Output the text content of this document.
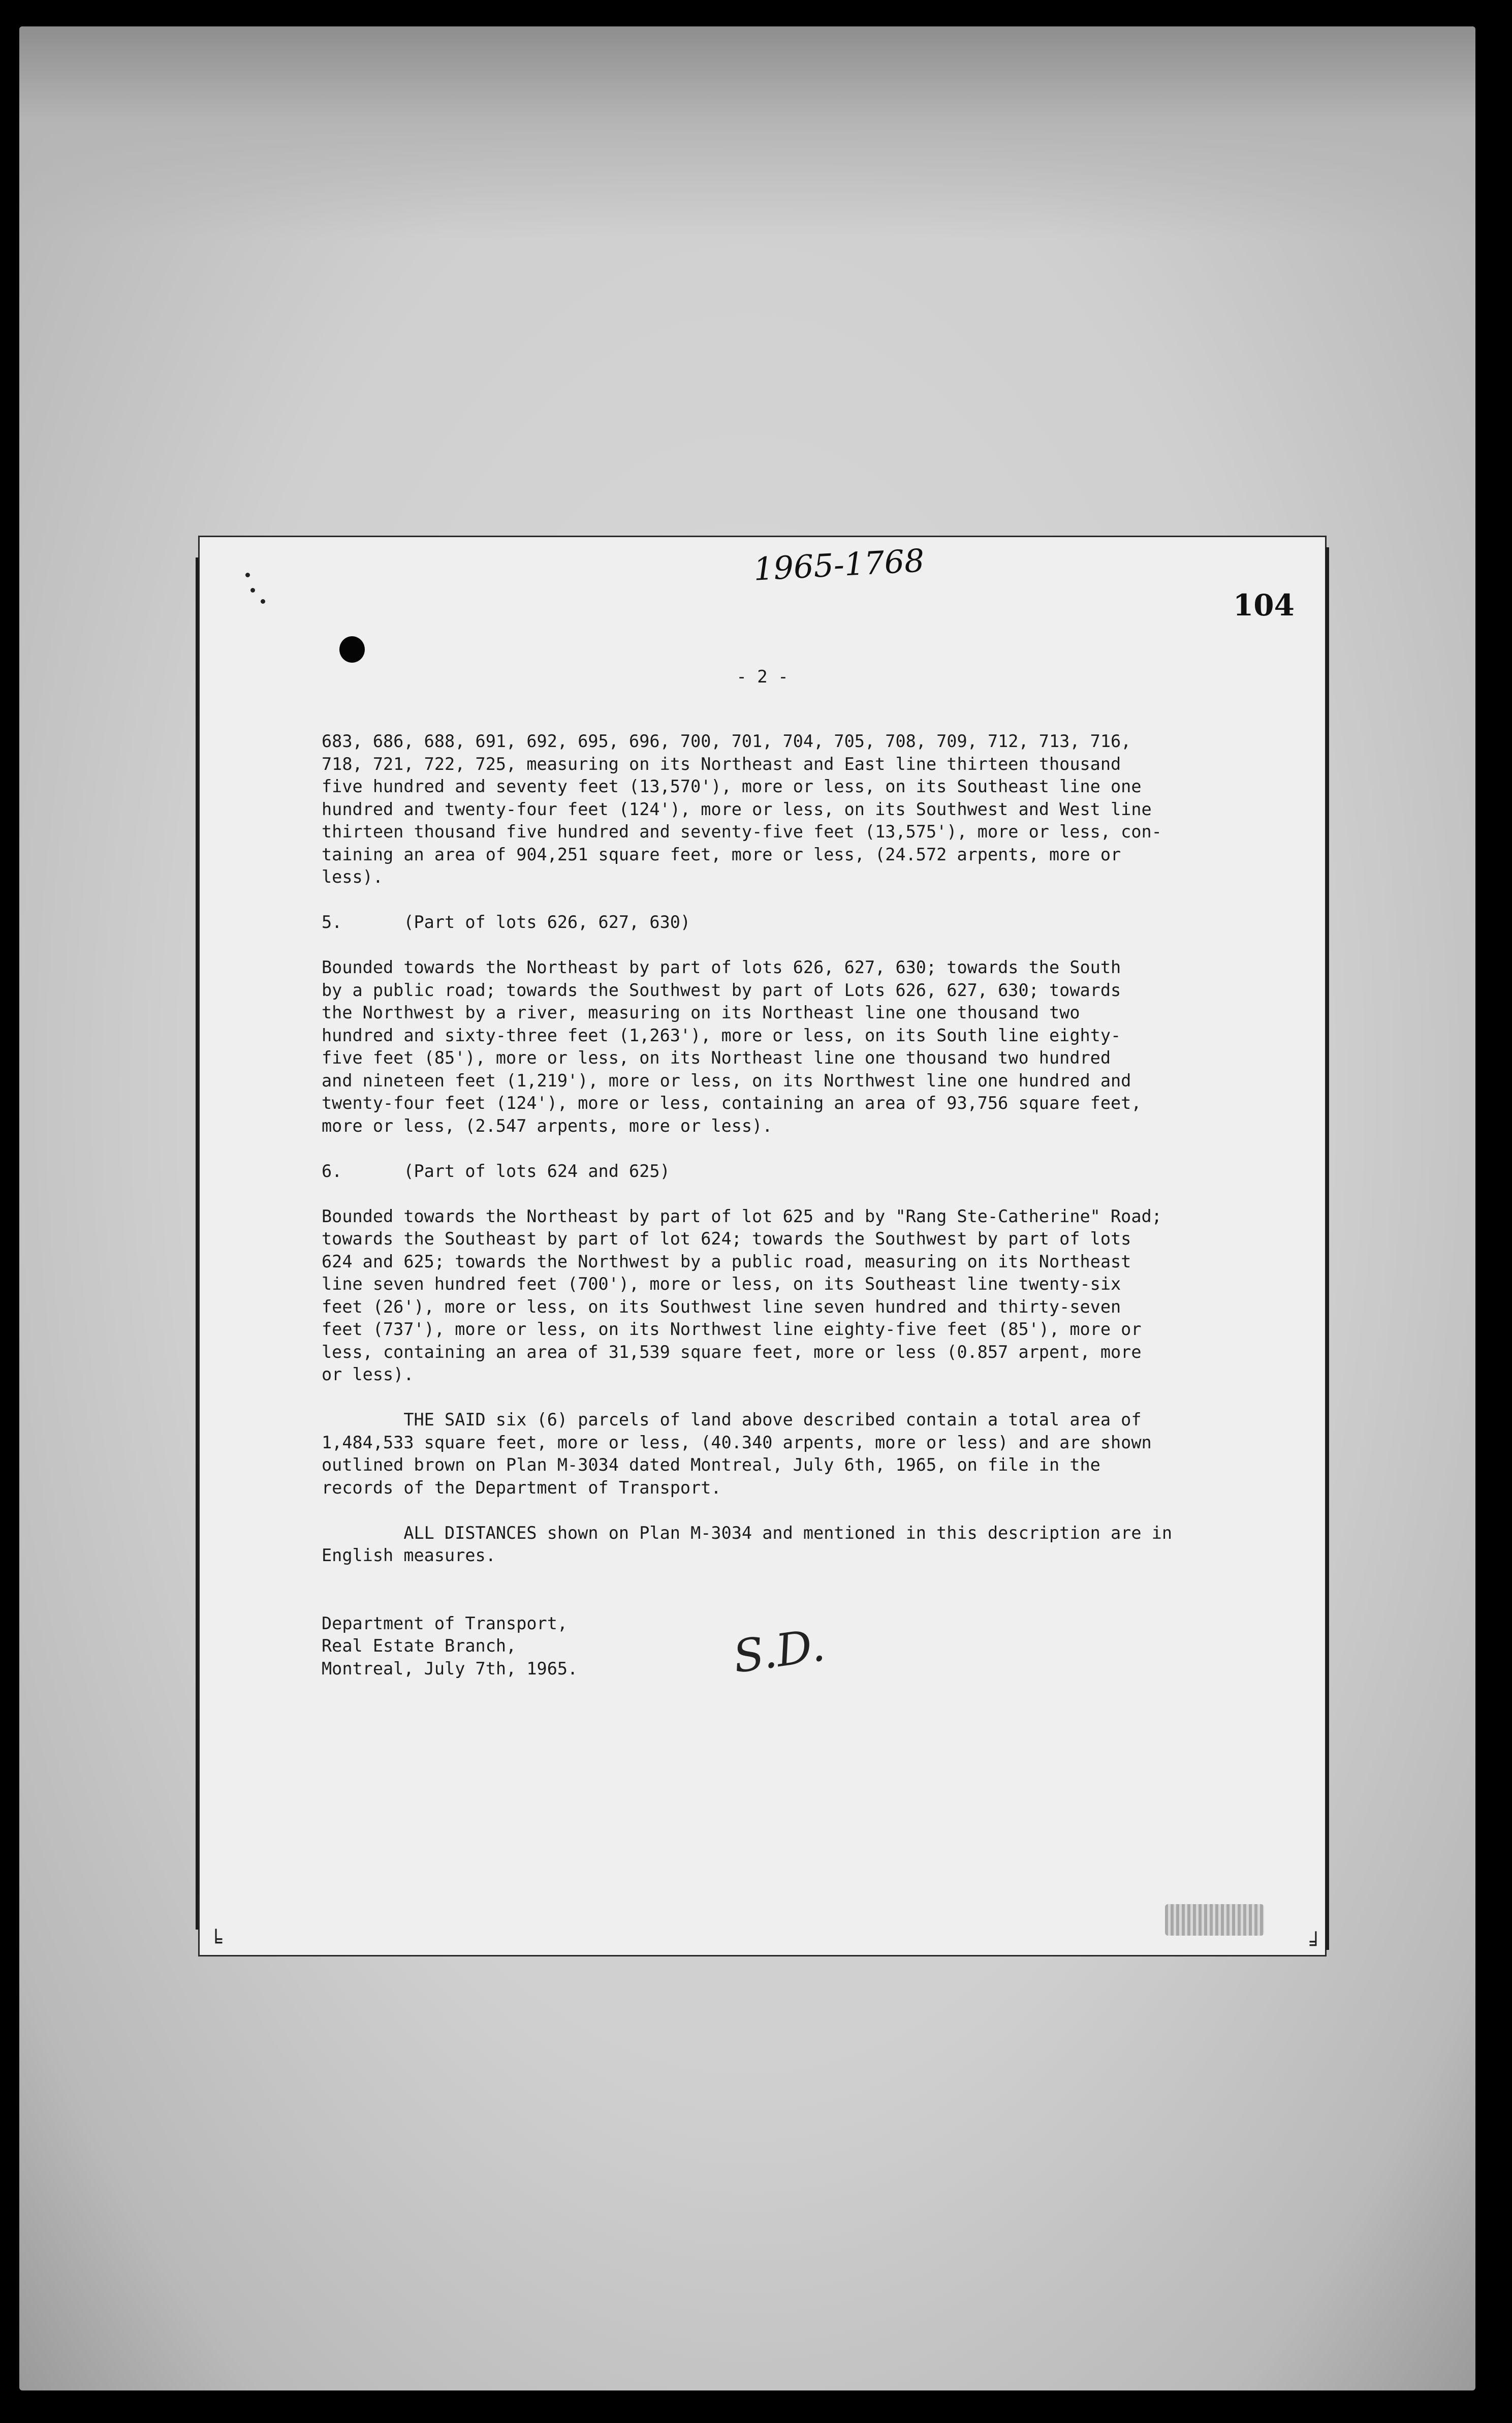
╘	╛
1965-1768
104
- 2 -
683, 686, 688, 691, 692, 695, 696, 700, 701, 704, 705, 708, 709, 712, 713, 716,
718, 721, 722, 725, measuring on its Northeast and East line thirteen thousand
five hundred and seventy feet (13,570'), more or less, on its Southeast line one
hundred and twenty-four feet (124'), more or less, on its Southwest and West line
thirteen thousand five hundred and seventy-five feet (13,575'), more or less, con-
taining an area of 904,251 square feet, more or less, (24.572 arpents, more or
less).
5.      (Part of lots 626, 627, 630)
Bounded towards the Northeast by part of lots 626, 627, 630; towards the South
by a public road; towards the Southwest by part of Lots 626, 627, 630; towards
the Northwest by a river, measuring on its Northeast line one thousand two
hundred and sixty-three feet (1,263'), more or less, on its South line eighty-
five feet (85'), more or less, on its Northeast line one thousand two hundred
and nineteen feet (1,219'), more or less, on its Northwest line one hundred and
twenty-four feet (124'), more or less, containing an area of 93,756 square feet,
more or less, (2.547 arpents, more or less).
6.      (Part of lots 624 and 625)
Bounded towards the Northeast by part of lot 625 and by "Rang Ste-Catherine" Road;
towards the Southeast by part of lot 624; towards the Southwest by part of lots
624 and 625; towards the Northwest by a public road, measuring on its Northeast
line seven hundred feet (700'), more or less, on its Southeast line twenty-six
feet (26'), more or less, on its Southwest line seven hundred and thirty-seven
feet (737'), more or less, on its Northwest line eighty-five feet (85'), more or
less, containing an area of 31,539 square feet, more or less (0.857 arpent, more
or less).
THE SAID six (6) parcels of land above described contain a total area of
1,484,533 square feet, more or less, (40.340 arpents, more or less) and are shown
outlined brown on Plan M-3034 dated Montreal, July 6th, 1965, on file in the
records of the Department of Transport.
ALL DISTANCES shown on Plan M-3034 and mentioned in this description are in
English measures.
Department of Transport,
Real Estate Branch,
Montreal, July 7th, 1965.	S.D.
